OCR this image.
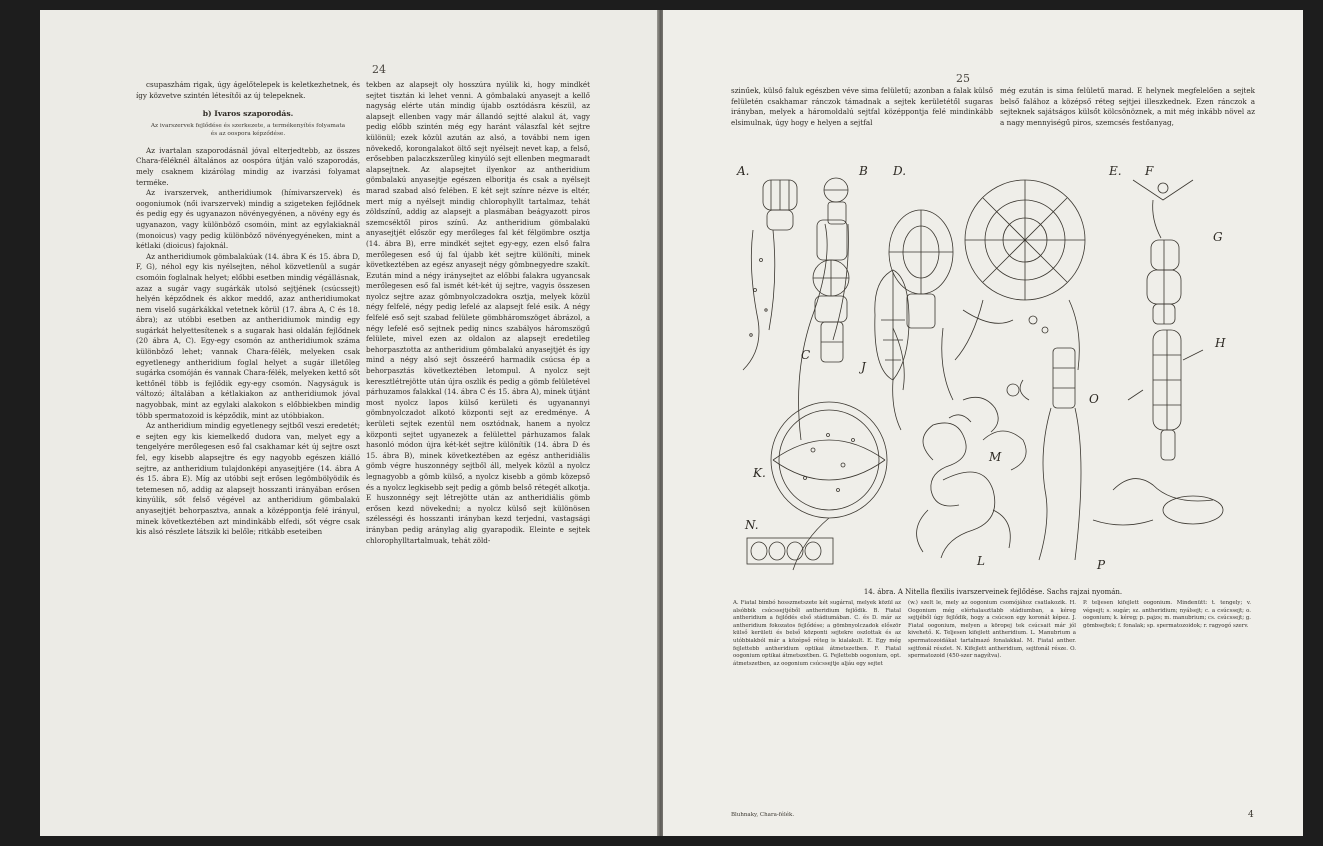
24

csupaszhám rigak, úgy ágelőtelepek is keletkezhetnek, és így közvetve szintén létesítői az új telepeknek.

b) Ivaros szaporodás.
Az ivarszervek fejlődése és szerkezete, a termékenyítés folyamata és az oospora képződése.

Az ivartalan szaporodásnál jóval elterjedtebb, az összes Chara-féléknél általános az oospóra útján való szaporodás, mely csaknem kizárólag mindig az ivarzási folyamat terméke.

Az ivarszervek, antheridiumok (hímivarszervek) és oogoniumok (női ivarszervek) mindig a szigeteken fejlődnek és pedig egy és ugyanazon növényegyénen, a növény egy és ugyanazon, vagy különböző csomóin, mint az egylakiaknál (monoicus) vagy pedig különböző növényegyéneken, mint a kétlaki (dioicus) fajoknál.

Az antheridiumok gömbalakúak (14. ábra K és 15. ábra D, F, G), néhol egy kis nyélsejten, néhol közvetlenül a sugár csomóin foglalnak helyet; előbbi esetben mindig végállásnak, azaz a sugár vagy sugárkák utolsó sejtjének (csúcssejt) helyén képződnek és akkor meddő, azaz antheridiumokat nem viselő sugárkákkal vetetnek körül (17. ábra A, C és 18. ábra); az utóbbi esetben az antheridiumok mindig egy sugárkát helyettesítenek s a sugarak hasi oldalán fejlődnek (20 ábra A, C). Egy-egy csomón az antheridiumok száma különböző lehet; vannak Chara-félék, melyeken csak egyetlenegy antheridium foglal helyet a sugár illetőleg sugárka csomóján és vannak Chara-félék, melyeken kettő sőt kettőnél több is fejlődik egy-egy csomón. Nagyságuk is változó; általában a kétlakiakon az antheridiumok jóval nagyobbak, mint az egylaki alakokon s előbbiekben mindig több spermatozoid is képződik, mint az utóbbiakon.

Az antheridium mindig egyetlenegy sejtből veszi eredetét; e sejten egy kis kiemelkedő dudora van, melyet egy a tengelyére merőlegesen eső fal csakhamar két új sejtre oszt fel, egy kisebb alapsejtre és egy nagyobb egészen kiálló sejtre, az antheridium tulajdonképi anyasejtjére (14. ábra A és 15. ábra E). Míg az utóbbi sejt erősen legömbölyödik és tetemesen nő, addig az alapsejt hosszanti irányában erősen kinyúlik, sőt felső végével az antheridium gömbalakú anyasejtjét behorpasztva, annak a középpontja felé irányul, minek következtében azt mindinkább elfedi, sőt végre csak kis alsó részlete látszik ki belőle; ritkább eseteiben

tekben az alapsejt oly hosszúra nyúlik ki, hogy mindkét sejtet tisztán ki lehet venni. A gömbalakú anyasejt a kellő nagyság elérte után mindig újabb osztódásra készül, az alapsejt ellenben vagy már állandó sejtté alakul át, vagy pedig előbb szintén még egy haránt válaszfal két sejtre különül; ezek közül azután az alsó, a további nem igen növekedő, korongalakot öltő sejt nyélsejt nevet kap, a felső, erősebben palaczkszerűleg kinyúló sejt ellenben megmaradt alapsejtnek. Az alapsejtet ilyenkor az antheridium gömbalakú anyasejtje egészen elboritja és csak a nyélsejt marad szabad alsó felében. E két sejt színre nézve is eltér, mert míg a nyélsejt mindig chlorophyllt tartalmaz, tehát zöldszínű, addig az alapsejt a plasmában beágyazott piros szemcséktől piros színű. Az antheridium gömbalakú anyasejtjét először egy merőleges fal két félgömbre osztja (14. ábra B), erre mindkét sejtet egy-egy, ezen első falra merőlegesen eső új fal újabb két sejtre különíti, minek következtében az egész anyasejt négy gömbnegyedre szakít. Ezután mind a négy iránysejtet az előbbi falakra ugyancsak merőlegesen eső fal ismét két-két új sejtre, vagyis összesen nyolcz sejtre azaz gömbnyolczadokra osztja, melyek közül négy felfelé, négy pedig lefelé az alapsejt felé esik. A négy felfelé eső sejt szabad felülete gömbháromszöget ábrázol, a négy lefelé eső sejtnek pedig nincs szabályos háromszögű felülete, mivel ezen az oldalon az alapsejt eredetileg behorpasztotta az antheridium gömbalakú anyasejtjét és így mind a négy alsó sejt összeérő harmadik csúcsa ép a behorpasztás következtében letompul. A nyolcz sejt keresztlétrejötte után újra oszlik és pedig a gömb felületével párhuzamos falakkal (14. ábra C és 15. ábra A), minek útjánt most nyolcz lapos külső kerületi és ugyanannyi gömbnyolczadot alkotó központi sejt az eredménye. A kerületi sejtek ezentúl nem osztódnak, hanem a nyolcz központi sejtet ugyanezek a felülettel párhuzamos falak hasonló módon újra két-két sejtre különítik (14. ábra D és 15. ábra B), minek következtében az egész antheridiális gömb végre huszonnégy sejtből áll, melyek közül a nyolcz legnagyobb a gömb külső, a nyolcz kisebb a gömb közepső és a nyolcz legkisebb sejt pedig a gömb belső rétegét alkotja. E huszonnégy sejt létrejötte után az antheridiális gömb erősen kezd növekedni; a nyolcz külső sejt különösen szélességi és hosszanti irányban kezd terjedni, vastagsági irányban pedig aránylag alig gyarapodik. Eleinte e sejtek chlorophylltartalmuak, tehát zöld-

25

szinűek, külső faluk egészben véve sima felületű; azonban a falak külső felületén csakhamar ránczok támadnak a sejtek kerületétől sugaras irányban, melyek a háromoldalú sejtfal középpontja felé mindinkább elsimulnak, úgy hogy e helyen a sejtfal

még ezután is sima felületű marad. E helynek megfelelően a sejtek belső falához a középső réteg sejtjei illeszkednek. Ezen ránczok a sejteknek sajátságos külsőt kölcsönöznek, a mit még inkább növel az a nagy mennyiségű piros, szemcsés festőanyag,

A.	B
C
D.	E. F
G
H
J
K.
L
M
N.
O
P
14. ábra. A Nitella flexilis ivarszerveinek fejlődése. Sachs rajzai nyomán.

A. Fiatal bimbó hosszmetszete két sugárral, melyek közül az alsóbbik csúcssejtjéből antheridium fejlődik. B. Fiatal antheridium a fejlődés első stádiumában. C. és D. már az antheridium fokozatos fejlődése; a gömbnyolczadok először külső kerületi és belső központi sejtekre oszlottak és az utóbbiakból már a középső réteg is kialakult. E. Egy még fejlettebb antheridium optikai átmetszetben. F. Fiatal oogonium optikai átmetszetben. G. Fejlettebb oogonium, opt. átmetszetben, az oogonium csúcssejtje aljáu egy sejtet

(w.) szelt le, mely az oogonium csomójához csatlakozik. H. Oogonium még elérhalaszttabb stádiumban, a kéreg sejtjéből úgy fejlődik, hogy a csúcson egy koronát képez. J. Fiatal oogonium, melyen a köropej tek csúcsait már jól kivehető. K. Teljesen kifejlett antheridium. L. Manubrium a spermatozoidákat tartalmazó fonalakkal. M. Fiatal anther. sejtfonál részlet. N. Kifejlett antheridium, sejtfonál része. O. spermatozoid (450-szer nagyítva).

P. teljesen kifejlett oogonium. Mindenütt: t. tengely; v. végsejt; s. sugár; sz. antheridium; nyálsejt; c. a csúcssejt; o. oogonium; k. kéreg; p. pajzs; m. manubrium; cs. csúcssejt; g. gömbsejtek; f. fonalak; sp. spermatozoidok; r. ragyogó szerv.

Bluhnaky, Chara-félék.	4
